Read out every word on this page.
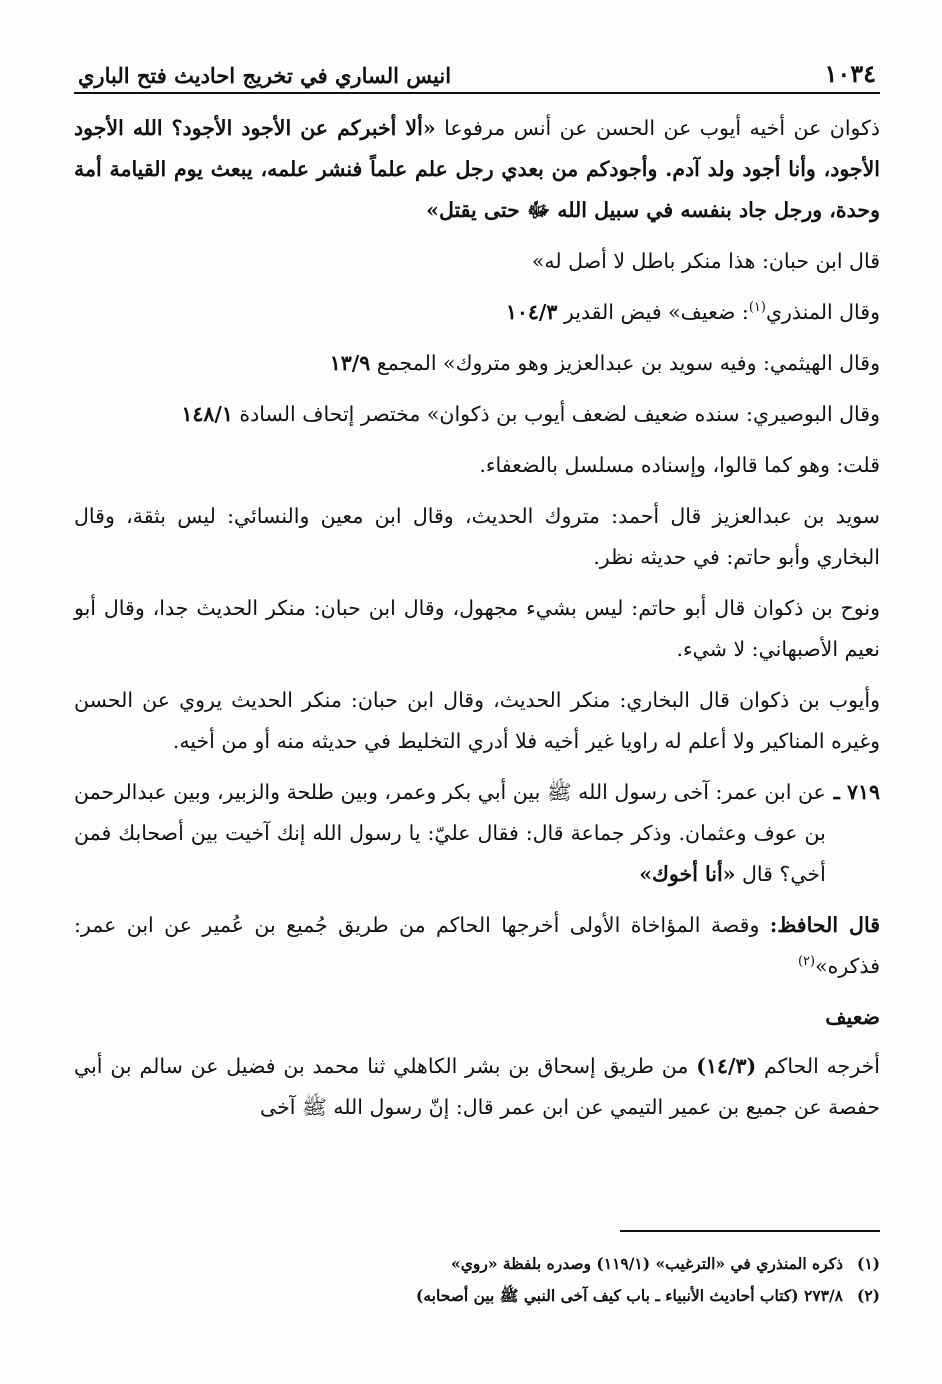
١٠٣٤
انيس الساري في تخريج احاديث فتح الباري

ذكوان عن أخيه أيوب عن الحسن عن أنس مرفوعا «ألا أخبركم عن الأجود الأجود؟ الله الأجود الأجود، وأنا أجود ولد آدم. وأجودكم من بعدي رجل علم علماً فنشر علمه، يبعث يوم القيامة أمة وحدة، ورجل جاد بنفسه في سبيل الله ﷻ حتى يقتل»

قال ابن حبان: هذا منكر باطل لا أصل له»

وقال المنذري$^{(١)}$: ضعيف» فيض القدير ١٠٤/٣

وقال الهيثمي: وفيه سويد بن عبدالعزيز وهو متروك» المجمع ١٣/٩

وقال البوصيري: سنده ضعيف لضعف أيوب بن ذكوان» مختصر إتحاف السادة ١٤٨/١

قلت: وهو كما قالوا، وإسناده مسلسل بالضعفاء.

سويد بن عبدالعزيز قال أحمد: متروك الحديث، وقال ابن معين والنسائي: ليس بثقة، وقال البخاري وأبو حاتم: في حديثه نظر.

ونوح بن ذكوان قال أبو حاتم: ليس بشيء مجهول، وقال ابن حبان: منكر الحديث جدا، وقال أبو نعيم الأصبهاني: لا شيء.

وأيوب بن ذكوان قال البخاري: منكر الحديث، وقال ابن حبان: منكر الحديث يروي عن الحسن وغيره المناكير ولا أعلم له راويا غير أخيه فلا أدري التخليط في حديثه منه أو من أخيه.

٧١٩ ـ
عن ابن عمر: آخى رسول الله ﷺ بين أبي بكر وعمر، وبين طلحة والزبير، وبين عبدالرحمن بن عوف وعثمان. وذكر جماعة قال: فقال عليّ: يا رسول الله إنك آخيت بين أصحابك فمن أخي؟ قال «أنا أخوك»

قال الحافظ: وقصة المؤاخاة الأولى أخرجها الحاكم من طريق جُميع بن عُمير عن ابن عمر: فذكره»$^{(٢)}$

ضعيف

أخرجه الحاكم (١٤/٣) من طريق إسحاق بن بشر الكاهلي ثنا محمد بن فضيل عن سالم بن أبي حفصة عن جميع بن عمير التيمي عن ابن عمر قال: إنّ رسول الله ﷺ آخى

(١)
ذكره المنذري في «الترغيب» (١١٩/١) وصدره بلفظة «روي»
(٢)
٢٧٣/٨ (كتاب أحاديث الأنبياء ـ باب كيف آخى النبي ﷺ بين أصحابه)
